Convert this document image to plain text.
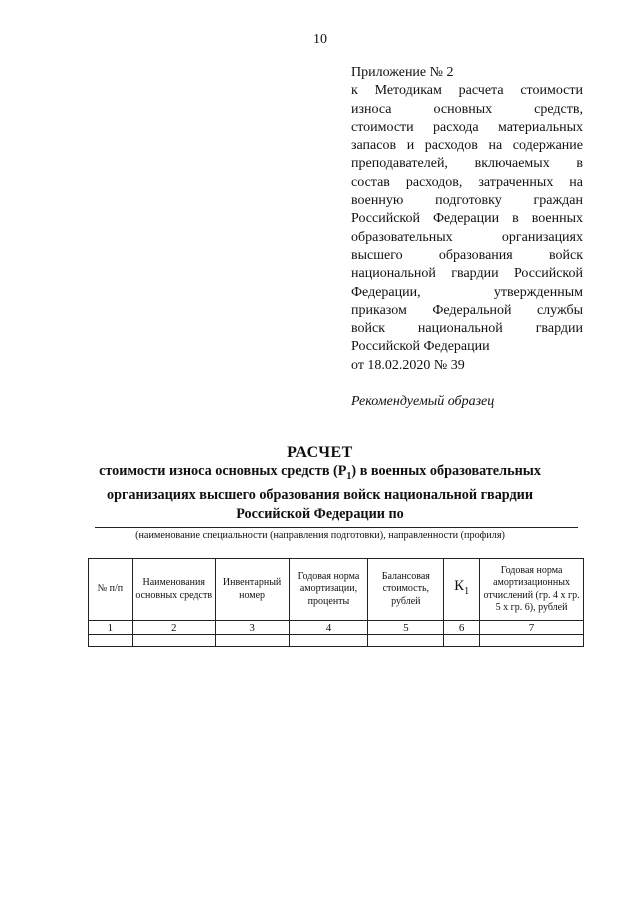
10
Приложение № 2
к Методикам расчета стоимости
износа основных средств,
стоимости расхода материальных
запасов и расходов на содержание
преподавателей, включаемых в
состав расходов, затраченных на
военную подготовку граждан
Российской Федерации в военных
образовательных организациях
высшего образования войск
национальной гвардии Российской
Федерации, утвержденным
приказом Федеральной службы
войск национальной гвардии
Российской Федерации
от 18.02.2020 № 39
Рекомендуемый образец
РАСЧЕТ
стоимости износа основных средств $(Р_1)$ в военных образовательных
организациях высшего образования войск национальной гвардии
Российской Федерации по
(наименование специальности (направления подготовки), направленности (профиля)
№ п/п	Наименования основных средств	Инвентарный номер	Годовая норма амортизации, проценты	Балансовая стоимость, рублей	$К_1$	Годовая норма амортизационных отчислений (гр. 4 х гр. 5 х гр. 6), рублей
1	2	3	4	5	6	7
